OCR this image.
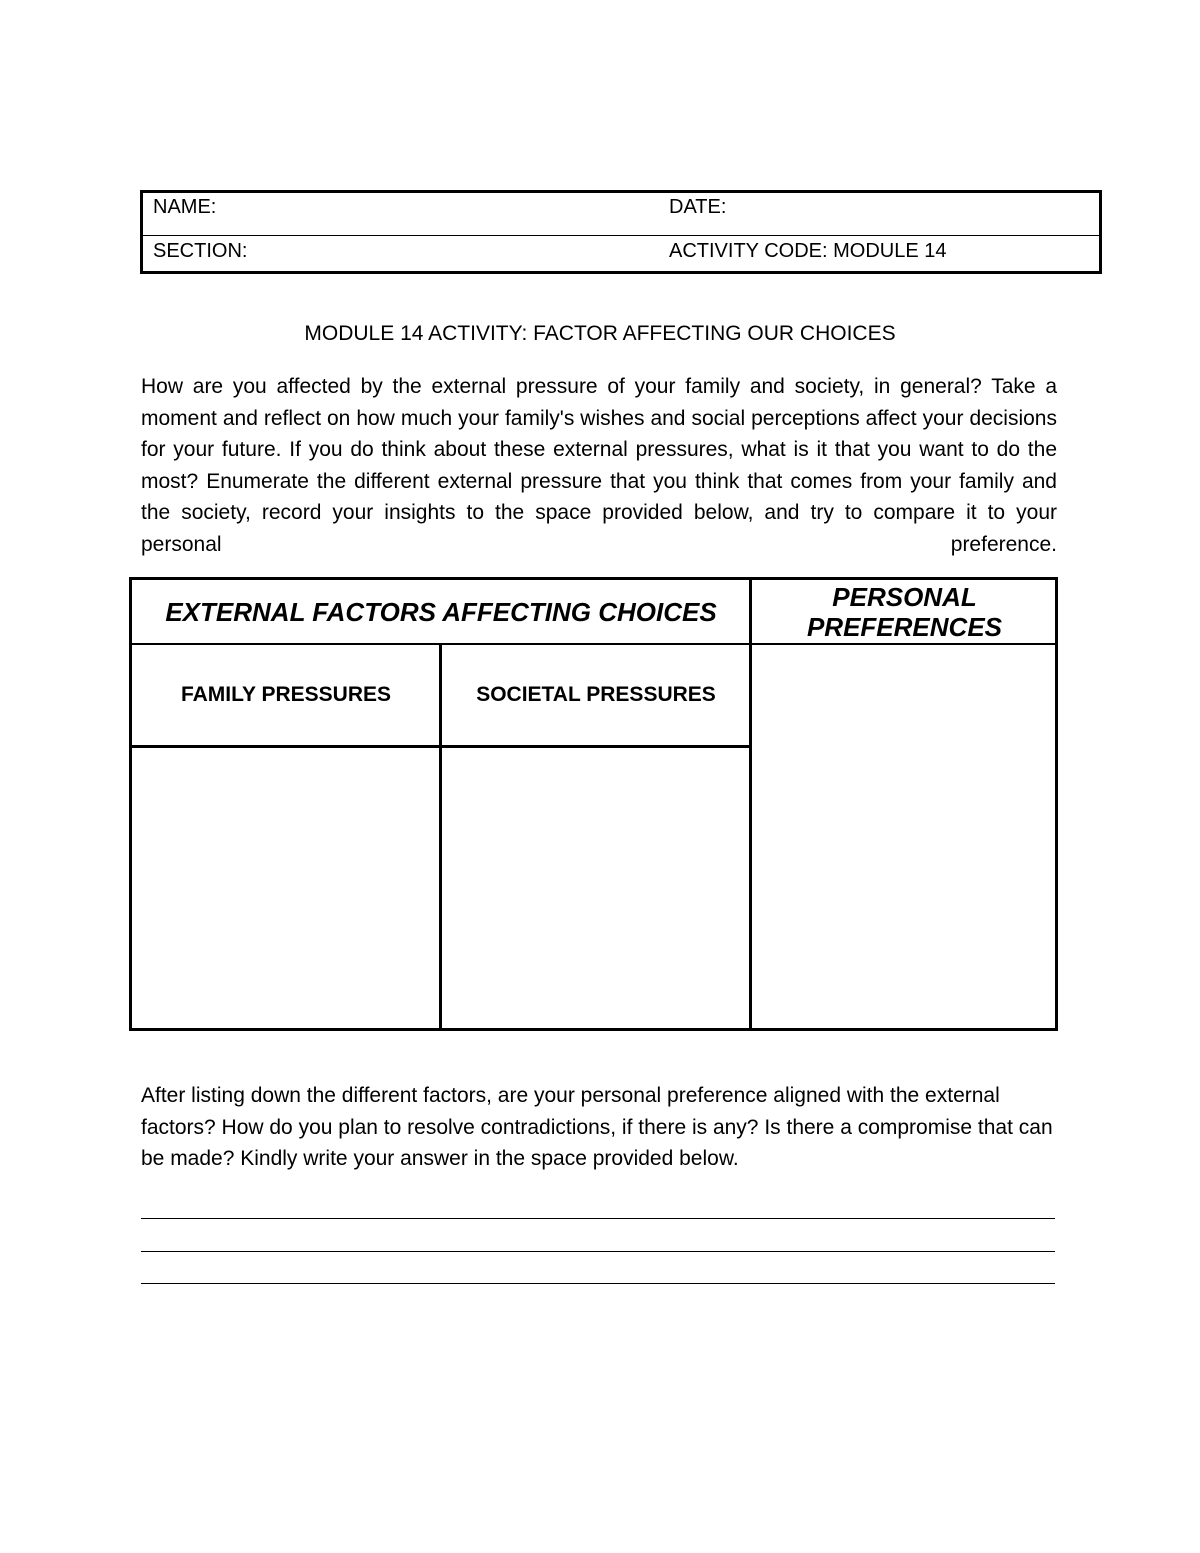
NAME:	DATE:
SECTION:	ACTIVITY CODE: MODULE 14
MODULE 14 ACTIVITY: FACTOR AFFECTING OUR CHOICES

How are you affected by the external pressure of your family and society, in general? Take a moment and reflect on how much your family's wishes and social perceptions affect your decisions for your future. If you do think about these external pressures, what is it that you want to do the most? Enumerate the different external pressure that you think that comes from your family and the society, record your insights to the space provided below, and try to compare it to your personal preference.

EXTERNAL FACTORS AFFECTING CHOICES	PERSONAL PREFERENCES
FAMILY PRESSURES	SOCIETAL PRESSURES

After listing down the different factors, are your personal preference aligned with the external factors? How do you plan to resolve contradictions, if there is any? Is there a compromise that can be made? Kindly write your answer in the space provided below.
